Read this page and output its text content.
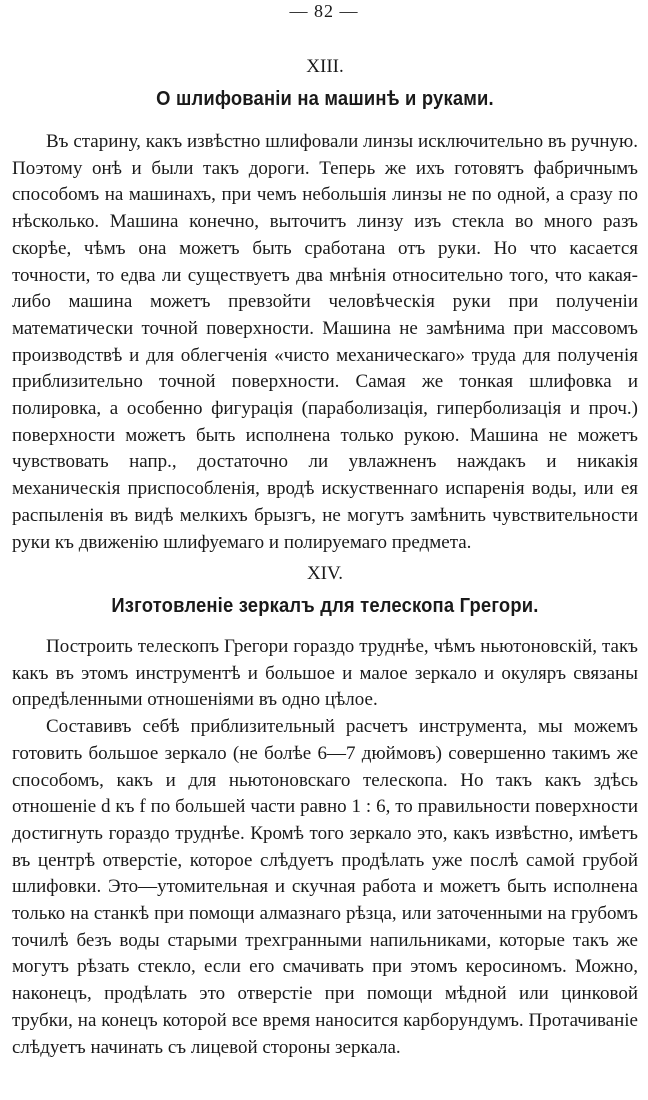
— 82 —

XIII.

О шлифованіи на машинѣ и руками.

Въ старину, какъ извѣстно шлифовали линзы исключительно въ ручную. Поэтому онѣ и были такъ дороги. Теперь же ихъ готовятъ фабричнымъ способомъ на машинахъ, при чемъ небольшія линзы не по одной, а сразу по нѣсколько. Машина конечно, выточитъ линзу изъ стекла во много разъ скорѣе, чѣмъ она можетъ быть сработана отъ руки. Но что касается точности, то едва ли существуетъ два мнѣнія относительно того, что какая-либо машина можетъ превзойти человѣческія руки при полученіи математически точной поверхности. Машина не замѣнима при массовомъ производствѣ и для облегченія «чисто механическаго» труда для полученія приблизительно точной поверхности. Самая же тонкая шлифовка и полировка, а особенно фигурація (параболизація, гиперболизація и проч.) поверхности можетъ быть исполнена только рукою. Машина не можетъ чувствовать напр., достаточно ли увлажненъ наждакъ и никакія механическія приспособленія, вродѣ искуственнаго испаренія воды, или ея распыленія въ видѣ мелкихъ брызгъ, не могутъ замѣнить чувствительности руки къ движенію шлифуемаго и полируемаго предмета.

XIV.

Изготовленіе зеркалъ для телескопа Грегори.

Построить телескопъ Грегори гораздо труднѣе, чѣмъ ньютоновскій, такъ какъ въ этомъ инструментѣ и большое и малое зеркало и окуляръ связаны опредѣленными отношеніями въ одно цѣлое.

Составивъ себѣ приблизительный расчетъ инструмента, мы можемъ готовить большое зеркало (не болѣе 6—7 дюймовъ) совершенно такимъ же способомъ, какъ и для ньютоновскаго телескопа. Но такъ какъ здѣсь отношеніе d къ f по большей части равно 1 : 6, то правильности поверхности достигнуть гораздо труднѣе. Кромѣ того зеркало это, какъ извѣстно, имѣетъ въ центрѣ отверстіе, которое слѣдуетъ продѣлать уже послѣ самой грубой шлифовки. Это—утомительная и скучная работа и можетъ быть исполнена только на станкѣ при помощи алмазнаго рѣзца, или заточенными на грубомъ точилѣ безъ воды старыми трехгранными напильниками, которые такъ же могутъ рѣзать стекло, если его смачивать при этомъ керосиномъ. Можно, наконецъ, продѣлать это отверстіе при помощи мѣдной или цинковой трубки, на конецъ которой все время наносится карборундумъ. Протачиваніе слѣдуетъ начинать съ лицевой стороны зеркала.
